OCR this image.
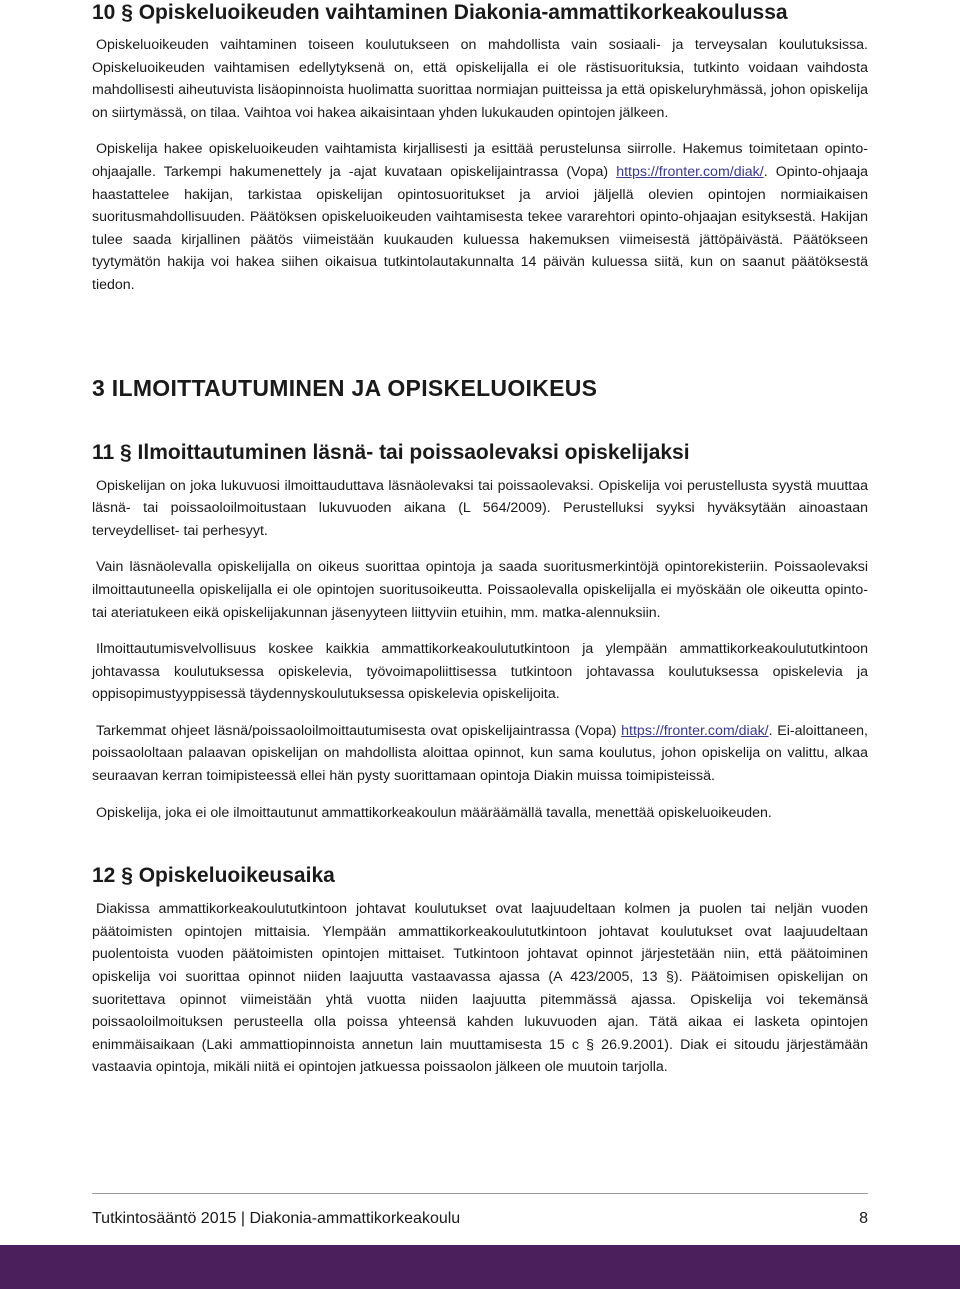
10 § Opiskeluoikeuden vaihtaminen Diakonia-ammattikorkeakoulussa

Opiskeluoikeuden vaihtaminen toiseen koulutukseen on mahdollista vain sosiaali- ja terveysalan koulutuksissa. Opiskeluoikeuden vaihtamisen edellytyksenä on, että opiskelijalla ei ole rästisuorituksia, tutkinto voidaan vaihdosta mahdollisesti aiheutuvista lisäopinnoista huolimatta suorittaa normiajan puitteissa ja että opiskeluryhmässä, johon opiskelija on siirtymässä, on tilaa. Vaihtoa voi hakea aikaisintaan yhden lukukauden opintojen jälkeen.

Opiskelija hakee opiskeluoikeuden vaihtamista kirjallisesti ja esittää perustelunsa siirrolle. Hakemus toimitetaan opinto-ohjaajalle. Tarkempi hakumenettely ja -ajat kuvataan opiskelijaintrassa (Vopa) https://fronter.com/diak/. Opinto-ohjaaja haastattelee hakijan, tarkistaa opiskelijan opintosuoritukset ja arvioi jäljellä olevien opintojen normiaikaisen suoritusmahdollisuuden. Päätöksen opiskeluoikeuden vaihtamisesta tekee vararehtori opinto-ohjaajan esityksestä. Hakijan tulee saada kirjallinen päätös viimeistään kuukauden kuluessa hakemuksen viimeisestä jättöpäivästä. Päätökseen tyytymätön hakija voi hakea siihen oikaisua tutkintolautakunnalta 14 päivän kuluessa siitä, kun on saanut päätöksestä tiedon.

3 ILMOITTAUTUMINEN JA OPISKELUOIKEUS
11 § Ilmoittautuminen läsnä- tai poissaolevaksi opiskelijaksi

Opiskelijan on joka lukuvuosi ilmoittauduttava läsnäolevaksi tai poissaolevaksi. Opiskelija voi perustellusta syystä muuttaa läsnä- tai poissaoloilmoitustaan lukuvuoden aikana (L 564/2009). Perustelluksi syyksi hyväksytään ainoastaan terveydelliset- tai perhesyyt.

Vain läsnäolevalla opiskelijalla on oikeus suorittaa opintoja ja saada suoritusmerkintöjä opintorekisteriin. Poissaolevaksi ilmoittautuneella opiskelijalla ei ole opintojen suoritusoikeutta. Poissaolevalla opiskelijalla ei myöskään ole oikeutta opinto- tai ateriatukeen eikä opiskelijakunnan jäsenyyteen liittyviin etuihin, mm. matka-alennuksiin.

Ilmoittautumisvelvollisuus koskee kaikkia ammattikorkeakoulututkintoon ja ylempään ammattikorkeakoulututkintoon johtavassa koulutuksessa opiskelevia, työvoimapoliittisessa tutkintoon johtavassa koulutuksessa opiskelevia ja oppisopimustyyppisessä täydennyskoulutuksessa opiskelevia opiskelijoita.

Tarkemmat ohjeet läsnä/poissaoloilmoittautumisesta ovat opiskelijaintrassa (Vopa) https://fronter.com/diak/. Ei-aloittaneen, poissaololtaan palaavan opiskelijan on mahdollista aloittaa opinnot, kun sama koulutus, johon opiskelija on valittu, alkaa seuraavan kerran toimipisteessä ellei hän pysty suorittamaan opintoja Diakin muissa toimipisteissä.

Opiskelija, joka ei ole ilmoittautunut ammattikorkeakoulun määräämällä tavalla, menettää opiskeluoikeuden.

12 § Opiskeluoikeusaika

Diakissa ammattikorkeakoulututkintoon johtavat koulutukset ovat laajuudeltaan kolmen ja puolen tai neljän vuoden päätoimisten opintojen mittaisia. Ylempään ammattikorkeakoulututkintoon johtavat koulutukset ovat laajuudeltaan puolentoista vuoden päätoimisten opintojen mittaiset. Tutkintoon johtavat opinnot järjestetään niin, että päätoiminen opiskelija voi suorittaa opinnot niiden laajuutta vastaavassa ajassa (A 423/2005, 13 §). Päätoimisen opiskelijan on suoritettava opinnot viimeistään yhtä vuotta niiden laajuutta pitemmässä ajassa. Opiskelija voi tekemänsä poissaoloilmoituksen perusteella olla poissa yhteensä kahden lukuvuoden ajan. Tätä aikaa ei lasketa opintojen enimmäisaikaan (Laki ammattiopinnoista annetun lain muuttamisesta 15 c § 26.9.2001). Diak ei sitoudu järjestämään vastaavia opintoja, mikäli niitä ei opintojen jatkuessa poissaolon jälkeen ole muutoin tarjolla.

Tutkintosääntö 2015 | Diakonia-ammattikorkeakoulu	8
